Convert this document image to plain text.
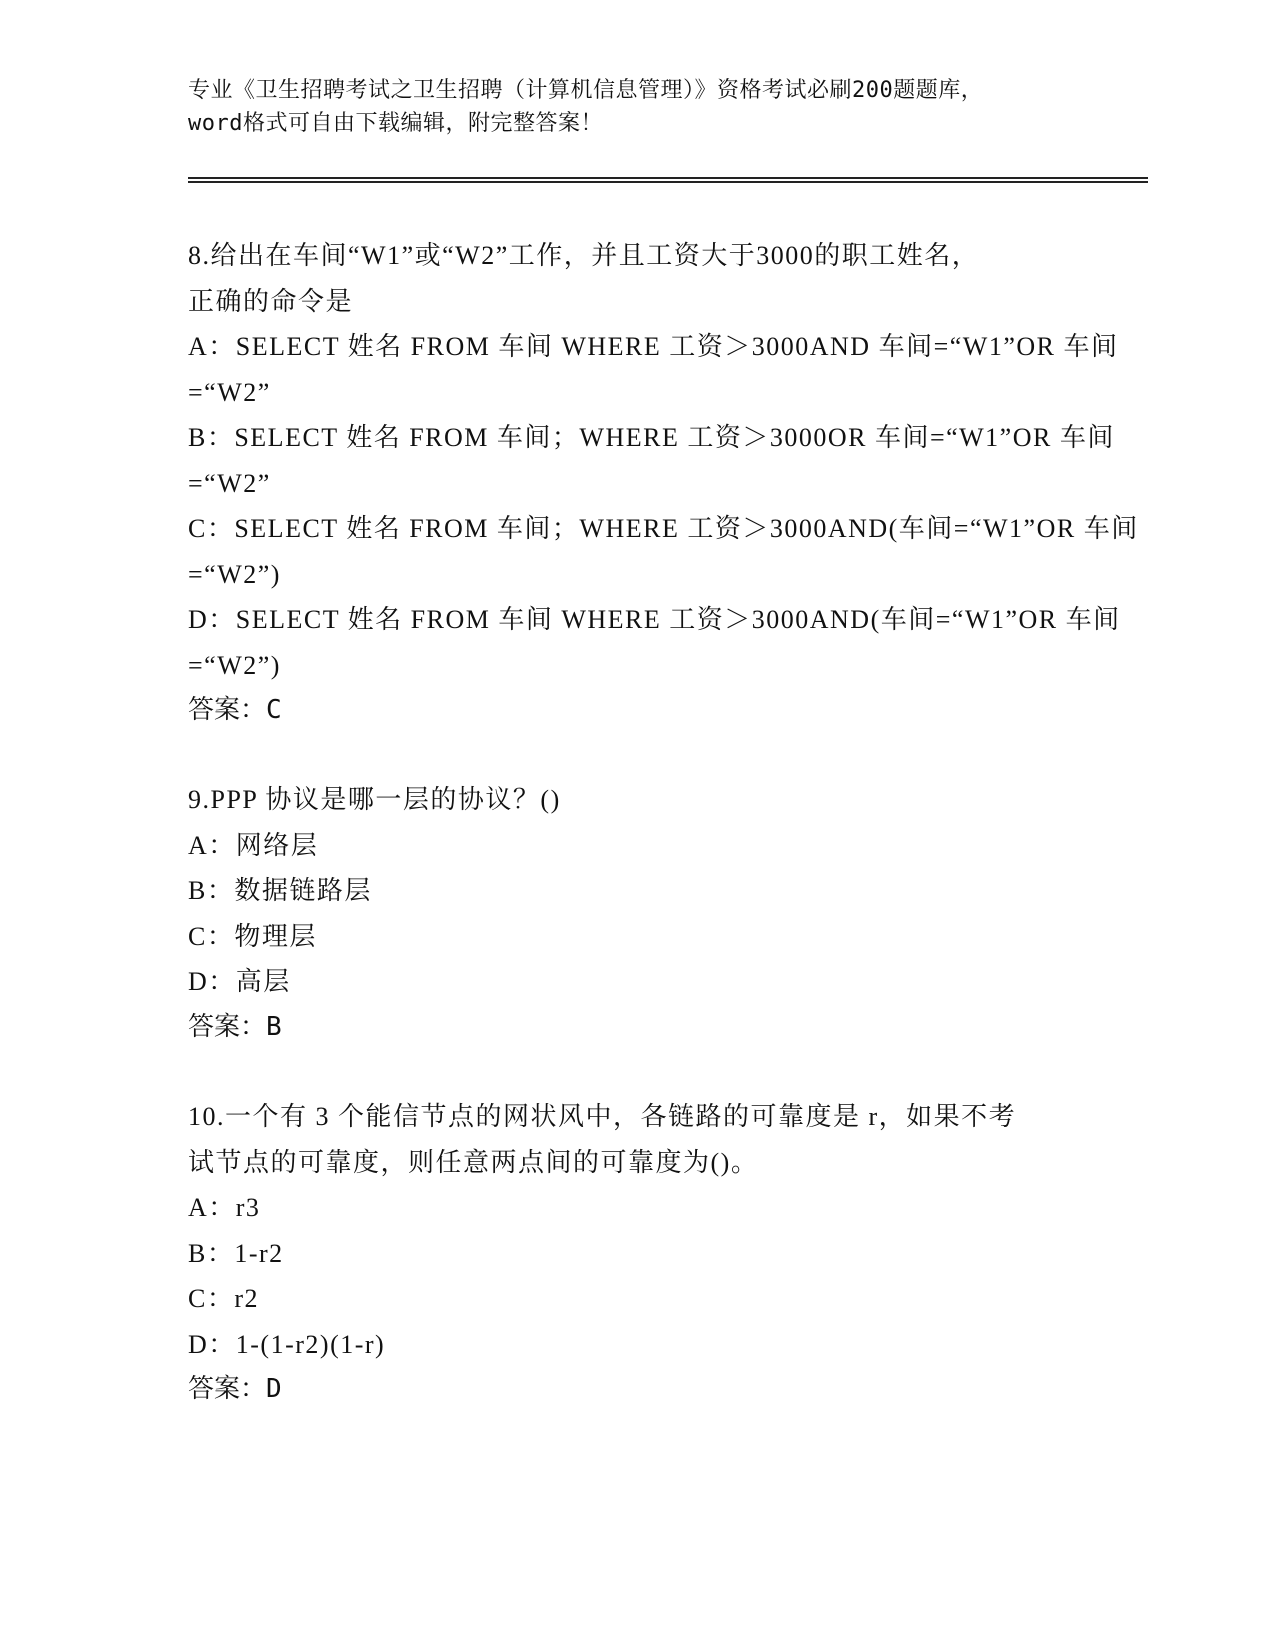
专业《卫生招聘考试之卫生招聘（计算机信息管理）》资格考试必刷200题题库，
word格式可自由下载编辑，附完整答案！
8.给出在车间“W1”或“W2”工作，并且工资大于3000的职工姓名，
正确的命令是
A：SELECT 姓名 FROM 车间 WHERE 工资＞3000AND 车间=“W1”OR 车间
=“W2”
B：SELECT 姓名 FROM 车间；WHERE 工资＞3000OR 车间=“W1”OR 车间
=“W2”
C：SELECT 姓名 FROM 车间；WHERE 工资＞3000AND(车间=“W1”OR 车间
=“W2”)
D：SELECT 姓名 FROM 车间 WHERE 工资＞3000AND(车间=“W1”OR 车间
=“W2”)
答案：C
9.PPP 协议是哪一层的协议？()
A：网络层
B：数据链路层
C：物理层
D：高层
答案：B
10.一个有 3 个能信节点的网状风中，各链路的可靠度是 r，如果不考
试节点的可靠度，则任意两点间的可靠度为()。
A：r3
B：1-r2
C：r2
D：1-(1-r2)(1-r)
答案：D
